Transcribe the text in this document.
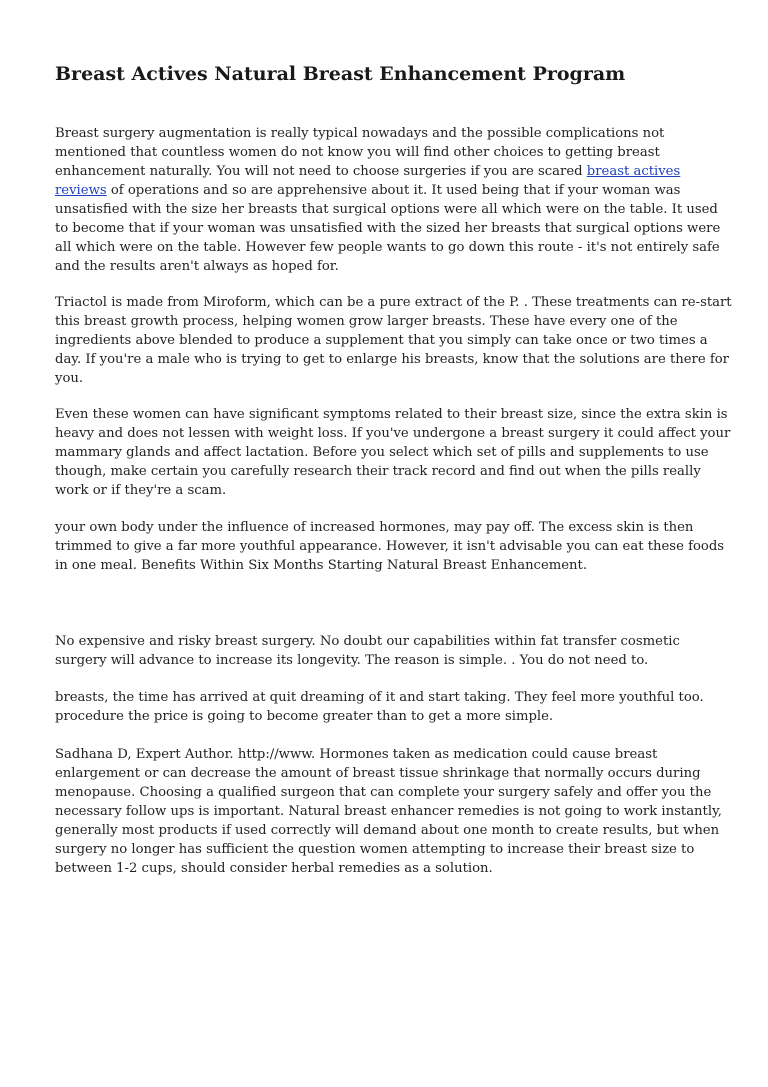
Breast Actives Natural Breast Enhancement Program

Breast surgery augmentation is really typical nowadays and the possible complications not
mentioned that countless women do not know you will find other choices to getting breast
enhancement naturally. You will not need to choose surgeries if you are scared breast actives
reviews of operations and so are apprehensive about it. It used being that if your woman was
unsatisfied with the size her breasts that surgical options were all which were on the table. It used
to become that if your woman was unsatisfied with the sized her breasts that surgical options were
all which were on the table. However few people wants to go down this route - it's not entirely safe
and the results aren't always as hoped for.

Triactol is made from Miroform, which can be a pure extract of the P. . These treatments can re-start
this breast growth process, helping women grow larger breasts. These have every one of the
ingredients above blended to produce a supplement that you simply can take once or two times a
day. If you're a male who is trying to get to enlarge his breasts, know that the solutions are there for
you.

Even these women can have significant symptoms related to their breast size, since the extra skin is
heavy and does not lessen with weight loss. If you've undergone a breast surgery it could affect your
mammary glands and affect lactation. Before you select which set of pills and supplements to use
though, make certain you carefully research their track record and find out when the pills really
work or if they're a scam.

your own body under the influence of increased hormones, may pay off. The excess skin is then
trimmed to give a far more youthful appearance. However, it isn't advisable you can eat these foods
in one meal. Benefits Within Six Months Starting Natural Breast Enhancement.

No expensive and risky breast surgery. No doubt our capabilities within fat transfer cosmetic
surgery will advance to increase its longevity. The reason is simple. . You do not need to.

breasts, the time has arrived at quit dreaming of it and start taking. They feel more youthful too.
procedure the price is going to become greater than to get a more simple.

Sadhana D, Expert Author. http://www. Hormones taken as medication could cause breast
enlargement or can decrease the amount of breast tissue shrinkage that normally occurs during
menopause. Choosing a qualified surgeon that can complete your surgery safely and offer you the
necessary follow ups is important. Natural breast enhancer remedies is not going to work instantly,
generally most products if used correctly will demand about one month to create results, but when
surgery no longer has sufficient the question women attempting to increase their breast size to
between 1-2 cups, should consider herbal remedies as a solution.
